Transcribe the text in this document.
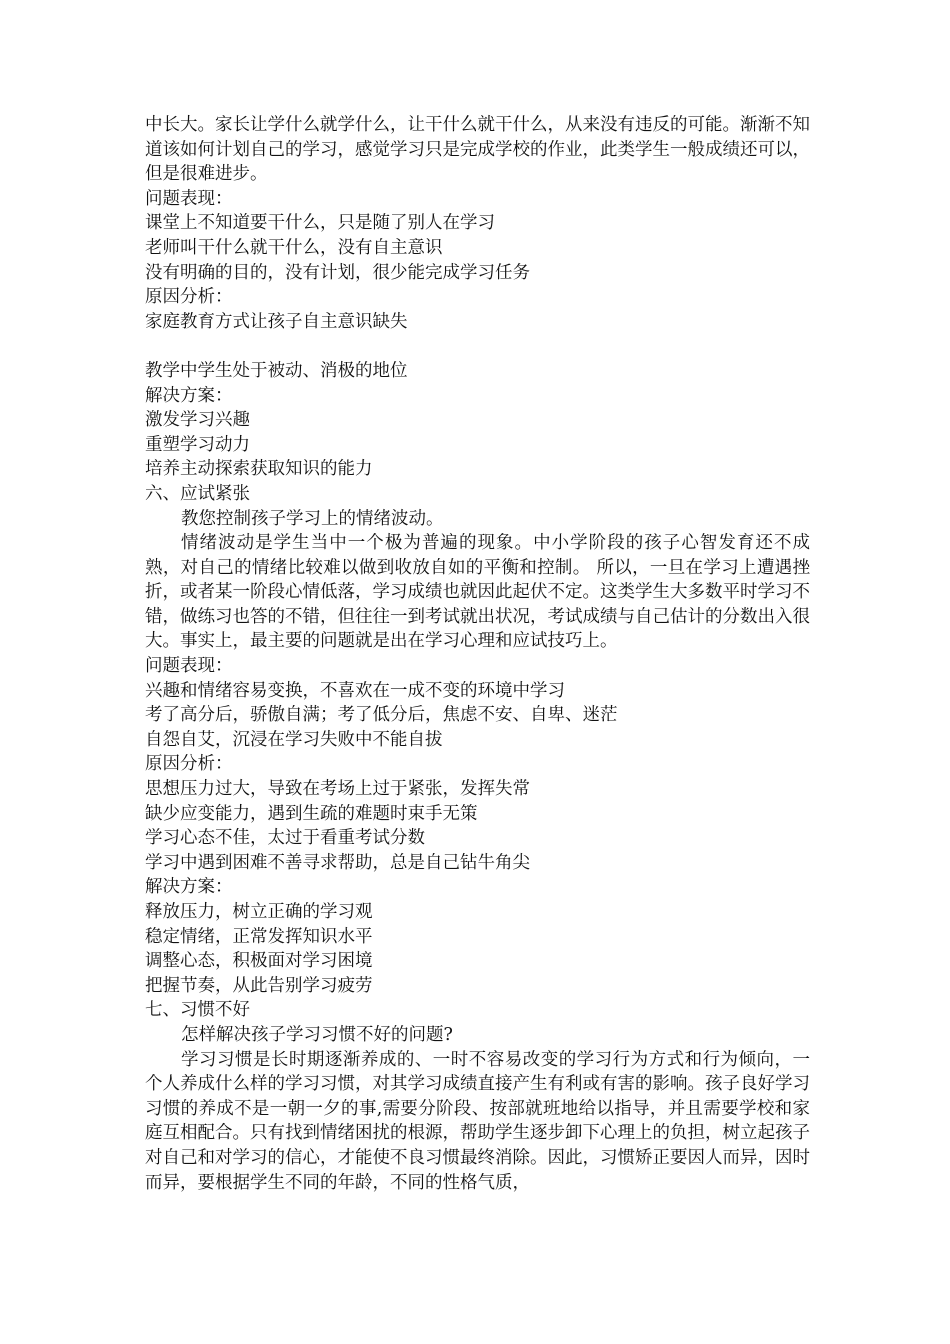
中长大。家长让学什么就学什么，让干什么就干什么，从来没有违反的可能。渐渐不知道该如何计划自己的学习，感觉学习只是完成学校的作业，此类学生一般成绩还可以，但是很难进步。
问题表现：
课堂上不知道要干什么，只是随了别人在学习
老师叫干什么就干什么，没有自主意识
没有明确的目的，没有计划，很少能完成学习任务
原因分析：
家庭教育方式让孩子自主意识缺失
教学中学生处于被动、消极的地位
解决方案：
激发学习兴趣
重塑学习动力
培养主动探索获取知识的能力
六、应试紧张
教您控制孩子学习上的情绪波动。
情绪波动是学生当中一个极为普遍的现象。中小学阶段的孩子心智发育还不成熟，对自己的情绪比较难以做到收放自如的平衡和控制。 所以，一旦在学习上遭遇挫折，或者某一阶段心情低落，学习成绩也就因此起伏不定。这类学生大多数平时学习不错，做练习也答的不错，但往往一到考试就出状况，考试成绩与自己估计的分数出入很大。事实上，最主要的问题就是出在学习心理和应试技巧上。
问题表现：
兴趣和情绪容易变换，不喜欢在一成不变的环境中学习
考了高分后，骄傲自满；考了低分后，焦虑不安、自卑、迷茫
自怨自艾，沉浸在学习失败中不能自拔
原因分析：
思想压力过大，导致在考场上过于紧张，发挥失常
缺少应变能力，遇到生疏的难题时束手无策
学习心态不佳，太过于看重考试分数
学习中遇到困难不善寻求帮助，总是自己钻牛角尖
解决方案：
释放压力，树立正确的学习观
稳定情绪，正常发挥知识水平
调整心态，积极面对学习困境
把握节奏，从此告别学习疲劳
七、习惯不好
怎样解决孩子学习习惯不好的问题?
学习习惯是长时期逐渐养成的、一时不容易改变的学习行为方式和行为倾向，一个人养成什么样的学习习惯，对其学习成绩直接产生有利或有害的影响。孩子良好学习习惯的养成不是一朝一夕的事,需要分阶段、按部就班地给以指导，并且需要学校和家庭互相配合。只有找到情绪困扰的根源，帮助学生逐步卸下心理上的负担，树立起孩子对自己和对学习的信心，才能使不良习惯最终消除。因此，习惯矫正要因人而异，因时而异，要根据学生不同的年龄，不同的性格气质，
